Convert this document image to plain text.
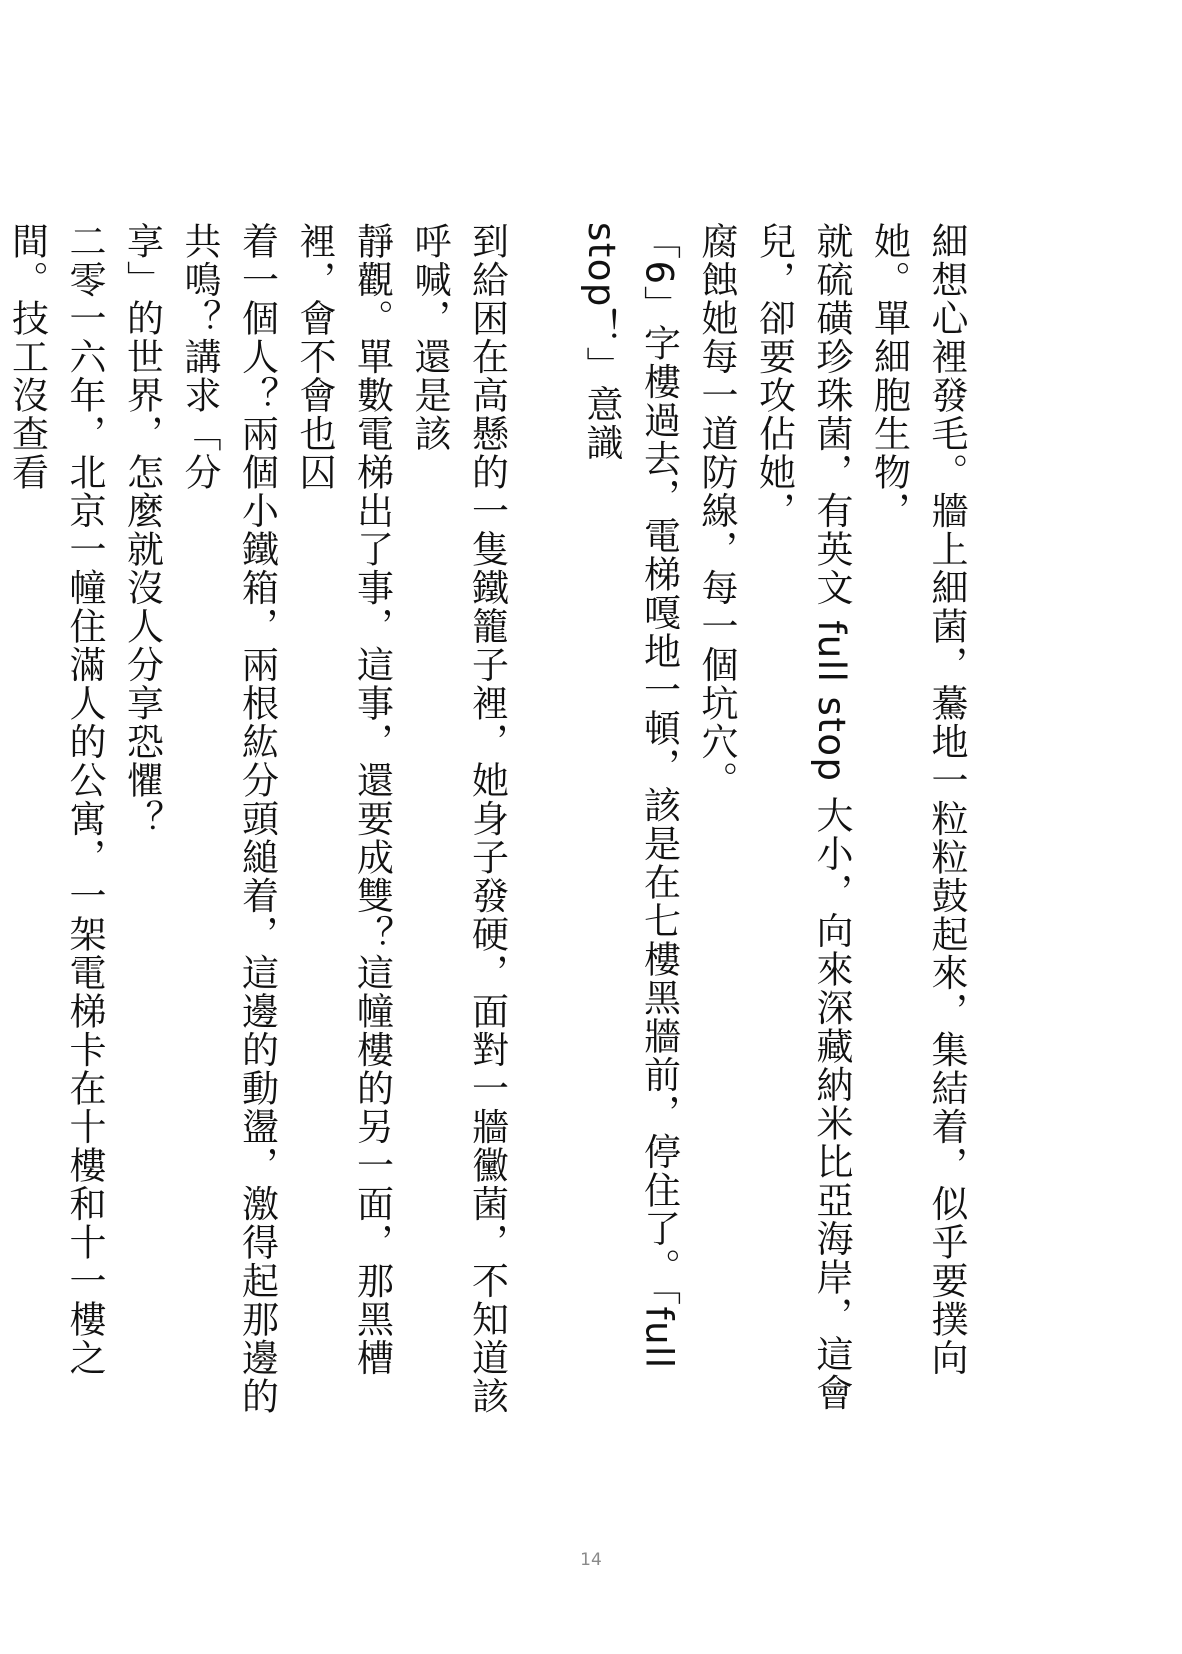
細想心裡發毛。牆上細菌，驀地一粒粒鼓起來，集結着，似乎要撲向她。單細胞生物，

就硫磺珍珠菌，有英文 full stop 大小，向來深藏納米比亞海岸，這會兒，卻要攻佔她，

腐蝕她每一道防線，每一個坑穴。

「6」字樓過去，電梯嘎地一頓，該是在七樓黑牆前，停住了。「full stop！」意識

到給困在高懸的一隻鐵籠子裡，她身子發硬，面對一牆黴菌，不知道該呼喊，還是該

靜觀。單數電梯出了事，這事，還要成雙？這幢樓的另一面，那黑槽裡，會不會也囚

着一個人？兩個小鐵箱，兩根紘分頭縋着，這邊的動盪，激得起那邊的共鳴？講求「分

享」的世界，怎麼就沒人分享恐懼？

二零一六年，北京一幢住滿人的公寓，一架電梯卡在十樓和十一樓之間。技工沒查看

14
